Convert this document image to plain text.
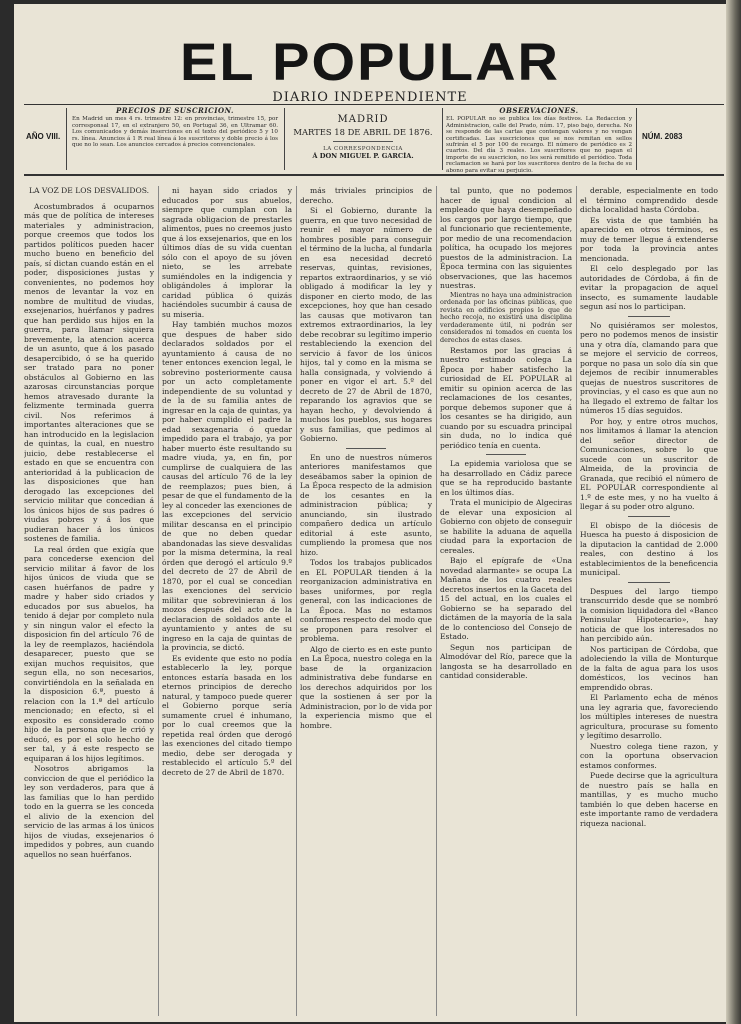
EL POPULAR
DIARIO INDEPENDIENTE
AÑO VIII.
PRECIOS DE SUSCRICION.
En Madrid un mes 4 rs. trimestre 12: en provincias, trimestre 15, por corresponsal 17, en el extranjero 50, en Portugal 36, en Ultramar 60. Los comunicados y demás inserciones en el texto del periódico 5 y 10 rs. línea. Anuncios á 1 R real línea á los suscritores y doble precio á los que no lo sean. Los anuncios cercados á precios convencionales.
MADRID
MARTES 18 DE ABRIL DE 1876.
LA CORRESPONDENCIA
Á DON MIGUEL P. GARCÍA.
OBSERVACIONES.
EL POPULAR no se publica los días festivos. La Redaccion y Administracion, calle del Prado, núm. 17, piso bajo, derecha. No se responde de las cartas que contengan valores y no vengan certificadas. Las suscriciones que se nos remitan en sellos sufrirán el 5 por 100 de recargo. El número de periódico es 2 cuartos. Del día 3 reales. Los suscritores que no pagan el importe de su suscricion, no les será remitido el periódico. Toda reclamacion se hará por los suscritores dentro de la fecha de su abono para evitar su perjuicio.
NÚM. 2083

LA VOZ DE LOS DESVALIDOS.

Acostumbrados á ocuparnos más que de política de intereses materiales y administracion, porque creemos que todos los partidos políticos pueden hacer mucho bueno en beneficio del país, sí dictan cuando están en el poder, disposiciones justas y convenientes, no podemos hoy menos de levantar la voz en nombre de multitud de viudas, exsejenarios, huérfanos y padres que han perdido sus hijos en la guerra, para llamar siquiera brevemente, la atencion acerca de un asunto, que á los pasado desapercibido, ó se ha querido ser tratado para no poner obstáculos al Gobierno en las azarosas circunstancias porque hemos atravesado durante la felizmente terminada guerra civil. Nos referimos á importantes alteraciones que se han introducido en la legislacion de quintas, la cual, en nuestro juicio, debe restablecerse el estado en que se encuentra con anterioridad á la publicacion de las disposiciones que han derogado las excepciones del servicio militar que concedian á los únicos hijos de sus padres ó viudas pobres y á los que pudieran hacer á los únicos sostenes de familia.

La real órden que exigía que para concederse exencion del servicio militar á favor de los hijos únicos de viuda que se casen huérfanos de padre y madre y haber sido criados y educados por sus abuelos, ha tenido á dejar por completo nula y sin ningun valor el efecto la disposicion fin del artículo 76 de la ley de reemplazos, haciéndola desaparecer, puesto que se exijan muchos requisitos, que segun ella, no son necesarios, convirtiéndola en la señalada en la disposicion 6.ª, puesto á relacion con la 1.ª del artículo mencionado; en efecto, si el exposito es considerado como hijo de la persona que le crió y educó, es por el solo hecho de ser tal, y á este respecto se equiparan á los hijos legítimos.

Nosotros abrigamos la conviccion de que el periódico la ley son verdaderos, para que á las familias que lo han perdido todo en la guerra se les conceda el alivio de la exencion del servicio de las armas á los únicos hijos de viudas, exsejenarios ó impedidos y pobres, aun cuando aquellos no sean huérfanos.

ni hayan sido criados y educados por sus abuelos, siempre que cumplan con la sagrada obligacion de prestarles alimentos, pues no creemos justo que á los exsejenarios, que en los últimos días de su vida cuentan sólo con el apoyo de su jóven nieto, se les arrebate sumiéndoles en la indigencia y obligándoles á implorar la caridad pública ó quizás haciéndoles sucumbir á causa de su miseria.

Hay también muchos mozos que despues de haber sido declarados soldados por el ayuntamiento á causa de no tener entonces exencion legal, le sobrevino posteriormente causa por un acto completamente independiente de su voluntad y de la de su familia antes de ingresar en la caja de quintas, ya por haber cumplido el padre la edad sexagenaria ó quedar impedido para el trabajo, ya por haber muerto éste resultando su madre viuda, ya, en fin, por cumplirse de cualquiera de las causas del artículo 76 de la ley de reemplazos; pues bien, á pesar de que el fundamento de la ley al conceder las exenciones de las excepciones del servicio militar descansa en el principio de que no deben quedar abandonadas las sieve desvalidas por la misma determina, la real órden que derogó el artículo 9.º del decreto de 27 de Abril de 1870, por el cual se concedian las exenciones del servicio militar que sobrevinieran á los mozos después del acto de la declaracion de soldados ante el ayuntamiento y antes de su ingreso en la caja de quintas de la provincia, se dictó.

Es evidente que esto no podía establecerlo la ley, porque entonces estaría basada en los eternos principios de derecho natural, y tampoco puede querer el Gobierno porque sería sumamente cruel é inhumano, por lo cual creemos que la repetida real órden que derogó las exenciones del citado tiempo medio, debe ser derogada y restablecido el artículo 5.º del decreto de 27 de Abril de 1870.

más triviales principios de derecho.

Si el Gobierno, durante la guerra, en que tuvo necesidad de reunir el mayor número de hombres posible para conseguir el término de la lucha, al fundarla en esa necesidad decretó reservas, quintas, revisiones, repartos extraordinarios, y se vió obligado á modificar la ley y disponer en cierto modo, de las excepciones, hoy que han cesado las causas que motivaron tan extremos extraordinarios, la ley debe recobrar su legítimo imperio restableciendo la exencion del servicio á favor de los únicos hijos, tal y como en la misma se halla consignada, y volviendo á poner en vigor el art. 5.º del decreto de 27 de Abril de 1870, reparando los agravios que se hayan hecho, y devolviendo á muchos los pueblos, sus hogares y sus familias, que pedimos al Gobierno.

En uno de nuestros números anteriores manifestamos que deseábamos saber la opinion de La Época respecto de la admision de los cesantes en la administracion pública; y anunciando, sin ilustrado compañero dedica un artículo editorial á este asunto, cumpliendo la promesa que nos hizo.

Todos los trabajos publicados en EL POPULAR tienden á la reorganizacion administrativa en bases uniformes, por regla general, con las indicaciones de La Época. Mas no estamos conformes respecto del modo que se proponen para resolver el problema.

Algo de cierto es en este punto en La Época, nuestro colega en la base de la organizacion administrativa debe fundarse en los derechos adquiridos por los que la sostienen á ser por la Administracion, por lo de vida por la experiencia mismo que el hombre.

tal punto, que no podemos hacer de igual condicion al empleado que haya desempeñado los cargos por largo tiempo, que al funcionario que recientemente, por medio de una recomendacion política, ha ocupado los mejores puestos de la administracion. La Época termina con las siguientes observaciones, que las hacemos nuestras.

Mientras no haya una administracion ordenada por las oficinas públicas, que revista en edificios propios lo que de hecho recoja, no existirá una disciplina verdaderamente útil, ni podrán ser considerados ni tomados en cuenta los derechos de estas clases.

Restamos por las gracias á nuestro estimado colega La Época por haber satisfecho la curiosidad de EL POPULAR al emitir su opinion acerca de las reclamaciones de los cesantes, porque debemos suponer que á los cesantes se ha dirigido, aun cuando por su escuadra principal sin duda, no lo indica qué periódico tenía en cuenta.

La epidemia variolosa que se ha desarrollado en Cádiz parece que se ha reproducido bastante en los últimos días.

Trata el municipio de Algeciras de elevar una exposicion al Gobierno con objeto de conseguir se habilite la aduana de aquella ciudad para la exportacion de cereales.

Bajo el epígrafe de «Una novedad alarmante» se ocupa La Mañana de los cuatro reales decretos insertos en la Gaceta del 15 del actual, en los cuales el Gobierno se ha separado del dictámen de la mayoría de la sala de lo contencioso del Consejo de Estado.

Segun nos participan de Almodóvar del Río, parece que la langosta se ha desarrollado en cantidad considerable.

derable, especialmente en todo el término comprendido desde dicha localidad hasta Córdoba.

Es vista de que también ha aparecido en otros términos, es muy de temer llegue á extenderse por toda la provincia antes mencionada.

El celo desplegado por las autoridades de Córdoba, á fin de evitar la propagacion de aquel insecto, es sumamente laudable segun así nos lo participan.

No quisiéramos ser molestos, pero no podemos menos de insistir una y otra día, clamando para que se mejore el servicio de correos, porque no pasa un solo día sin que dejemos de recibir innumerables quejas de nuestros suscritores de provincias, y el caso es que aun no ha llegado el extremo de faltar los números 15 días seguidos.

Por hoy, y entre otros muchos, nos limitamos á llamar la atencion del señor director de Comunicaciones, sobre lo que sucede con un suscritor de Almeida, de la provincia de Granada, que recibió el número de EL POPULAR correspondiente al 1.º de este mes, y no ha vuelto á llegar á su poder otro alguno.

El obispo de la diócesis de Huesca ha puesto á disposicion de la diputacion la cantidad de 2.000 reales, con destino á los establecimientos de la beneficencia municipal.

Despues del largo tiempo transcurrido desde que se nombró la comision liquidadora del «Banco Peninsular Hipotecario», hay noticia de que los interesados no han percibido aún.

Nos participan de Córdoba, que adoleciendo la villa de Monturque de la falta de agua para los usos domésticos, los vecinos han emprendido obras.

El Parlamento echa de ménos una ley agraria que, favoreciendo los múltiples intereses de nuestra agricultura, procurase su fomento y legítimo desarrollo.

Nuestro colega tiene razon, y con la oportuna observacion estamos conformes.

Puede decirse que la agricultura de nuestro país se halla en mantillas, y es mucho mucho también lo que deben hacerse en este importante ramo de verdadera riqueza nacional.
